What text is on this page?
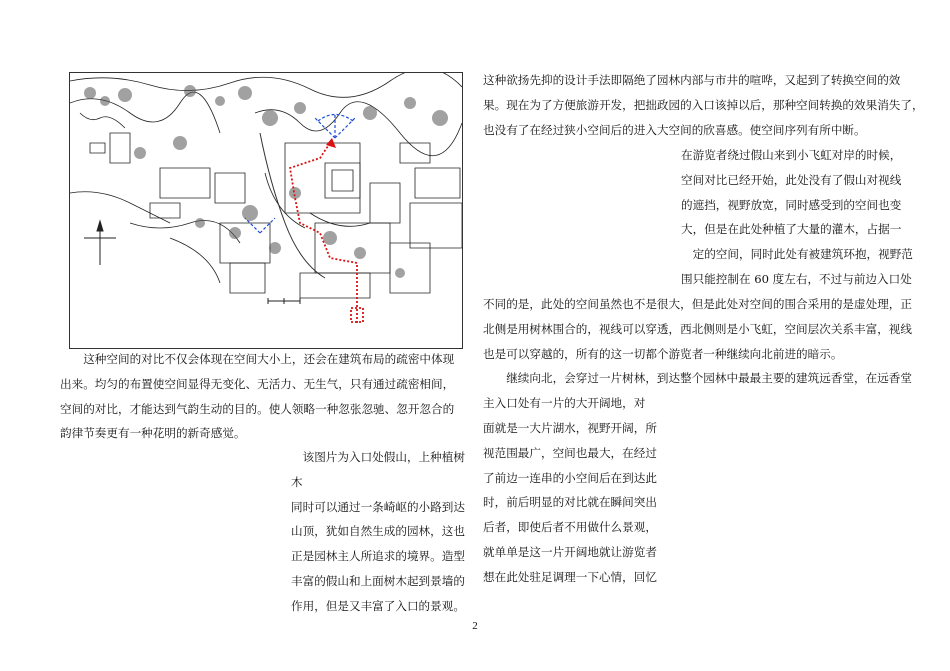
这种空间的对比不仅会体现在空间大小上，还会在建筑布局的疏密中体现出来。均匀的布置使空间显得无变化、无活力、无生气，只有通过疏密相间，空间的对比，才能达到气韵生动的目的。使人领略一种忽张忽驰、忽开忽合的韵律节奏更有一种花明的新奇感觉。

该图片为入口处假山，上种植树木
同时可以通过一条崎岖的小路到达
山顶，犹如自然生成的园林，这也
正是园林主人所追求的境界。造型
丰富的假山和上面树木起到景墙的
作用，但是又丰富了入口的景观。
这种欲扬先抑的设计手法即隔绝了园林内部与市井的喧哗，又起到了转换空间的效
果。现在为了方便旅游开发，把拙政园的入口该掉以后，那种空间转换的效果消失了，
也没有了在经过狭小空间后的进入大空间的欣喜感。使空间序列有所中断。
在游览者绕过假山来到小飞虹对岸的时候，
空间对比已经开始，此处没有了假山对视线
的遮挡，视野放宽，同时感受到的空间也变
大，但是在此处种植了大量的灌木，占据一
定的空间，同时此处有被建筑环抱，视野范
围只能控制在 60 度左右，不过与前边入口处
不同的是，此处的空间虽然也不是很大，但是此处对空间的围合采用的是虚处理，正
北侧是用树林围合的，视线可以穿透，西北侧则是小飞虹，空间层次关系丰富，视线
也是可以穿越的，所有的这一切都个游览者一种继续向北前进的暗示。
继续向北，会穿过一片树林，到达整个园林中最最主要的建筑远香堂，在远香堂
主入口处有一片的大开阔地，对
面就是一大片湖水，视野开阔，所
视范围最广，空间也最大，在经过
了前边一连串的小空间后在到达此
时，前后明显的对比就在瞬间突出
后者，即使后者不用做什么景观，
就单单是这一片开阔地就让游览者
想在此处驻足调理一下心情，回忆
2
